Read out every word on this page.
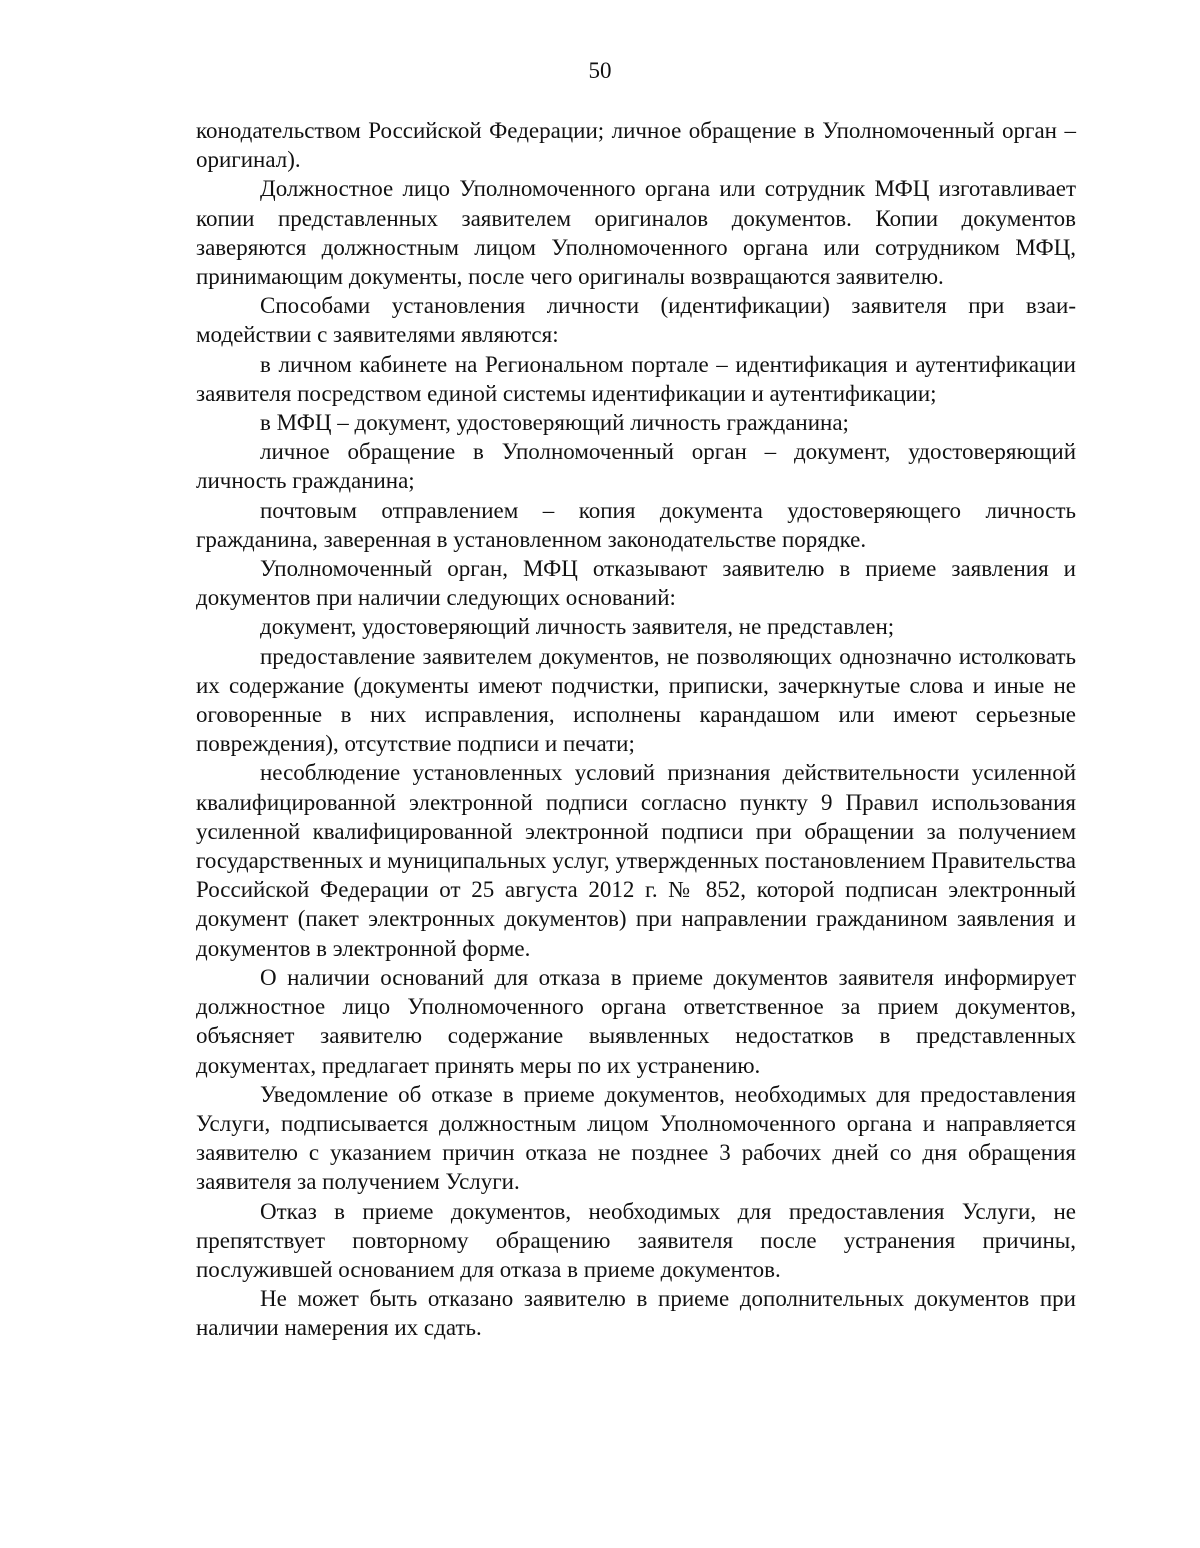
50

конодательством Российской Федерации; личное обращение в Уполномоченный орган – оригинал).

Должностное лицо Уполномоченного органа или сотрудник МФЦ изготавливает копии представленных заявителем оригиналов документов. Копии документов заверяются должностным лицом Уполномоченного органа или сотрудником МФЦ, принимающим документы, после чего оригиналы возвращаются заявителю.

Способами установления личности (идентификации) заявителя при взаимодействии с заявителями являются:

в личном кабинете на Региональном портале – идентификация и аутентификации заявителя посредством единой системы идентификации и аутентификации;

в МФЦ – документ, удостоверяющий личность гражданина;

личное обращение в Уполномоченный орган – документ, удостоверяющий личность гражданина;

почтовым отправлением – копия документа удостоверяющего личность гражданина, заверенная в установленном законодательстве порядке.

Уполномоченный орган, МФЦ отказывают заявителю в приеме заявления и документов при наличии следующих оснований:

документ, удостоверяющий личность заявителя, не представлен;

предоставление заявителем документов, не позволяющих однозначно истолковать их содержание (документы имеют подчистки, приписки, зачеркнутые слова и иные не оговоренные в них исправления, исполнены карандашом или имеют серьезные повреждения), отсутствие подписи и печати;

несоблюдение установленных условий признания действительности усиленной квалифицированной электронной подписи согласно пункту 9 Правил использования усиленной квалифицированной электронной подписи при обращении за получением государственных и муниципальных услуг, утвержденных постановлением Правительства Российской Федерации от 25 августа 2012 г. № 852, которой подписан электронный документ (пакет электронных документов) при направлении гражданином заявления и документов в электронной форме.

О наличии оснований для отказа в приеме документов заявителя информирует должностное лицо Уполномоченного органа ответственное за прием документов, объясняет заявителю содержание выявленных недостатков в представленных документах, предлагает принять меры по их устранению.

Уведомление об отказе в приеме документов, необходимых для предоставления Услуги, подписывается должностным лицом Уполномоченного органа и направляется заявителю с указанием причин отказа не позднее 3 рабочих дней со дня обращения заявителя за получением Услуги.

Отказ в приеме документов, необходимых для предоставления Услуги, не препятствует повторному обращению заявителя после устранения причины, послужившей основанием для отказа в приеме документов.

Не может быть отказано заявителю в приеме дополнительных документов при наличии намерения их сдать.
